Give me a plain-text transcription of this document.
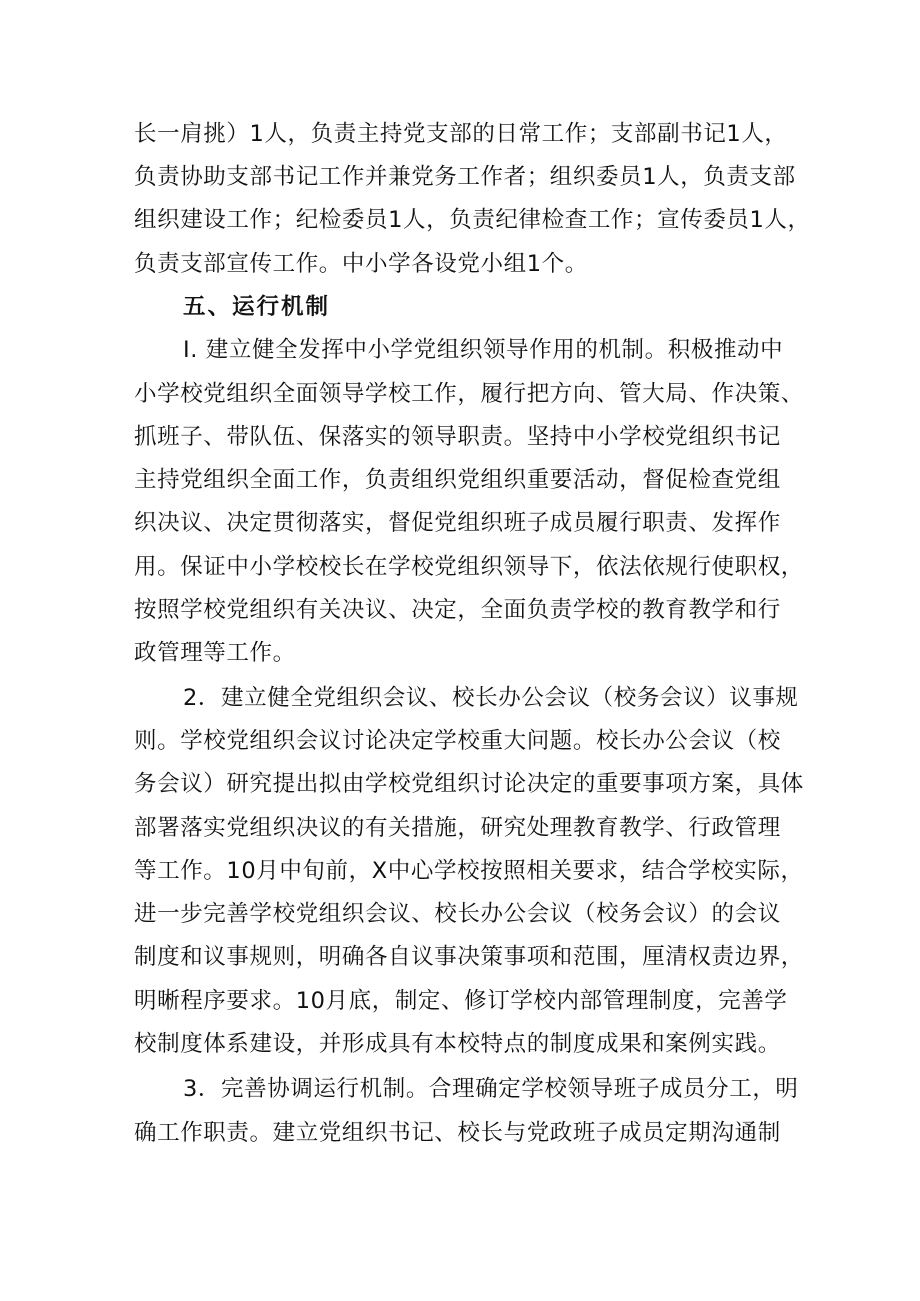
长一肩挑）1人，负责主持党支部的日常工作；支部副书记1人，
负责协助支部书记工作并兼党务工作者；组织委员1人，负责支部
组织建设工作；纪检委员1人，负责纪律检查工作；宣传委员1人，
负责支部宣传工作。中小学各设党小组1个。
五、运行机制
I. 建立健全发挥中小学党组织领导作用的机制。积极推动中
小学校党组织全面领导学校工作，履行把方向、管大局、作决策、
抓班子、带队伍、保落实的领导职责。坚持中小学校党组织书记
主持党组织全面工作，负责组织党组织重要活动，督促检查党组
织决议、决定贯彻落实，督促党组织班子成员履行职责、发挥作
用。保证中小学校校长在学校党组织领导下，依法依规行使职权，
按照学校党组织有关决议、决定，全面负责学校的教育教学和行
政管理等工作。
2．建立健全党组织会议、校长办公会议（校务会议）议事规
则。学校党组织会议讨论决定学校重大问题。校长办公会议（校
务会议）研究提出拟由学校党组织讨论决定的重要事项方案，具体
部署落实党组织决议的有关措施，研究处理教育教学、行政管理
等工作。10月中旬前，X中心学校按照相关要求，结合学校实际，
进一步完善学校党组织会议、校长办公会议（校务会议）的会议
制度和议事规则，明确各自议事决策事项和范围，厘清权责边界，
明晰程序要求。10月底，制定、修订学校内部管理制度，完善学
校制度体系建设，并形成具有本校特点的制度成果和案例实践。
3．完善协调运行机制。合理确定学校领导班子成员分工，明
确工作职责。建立党组织书记、校长与党政班子成员定期沟通制
